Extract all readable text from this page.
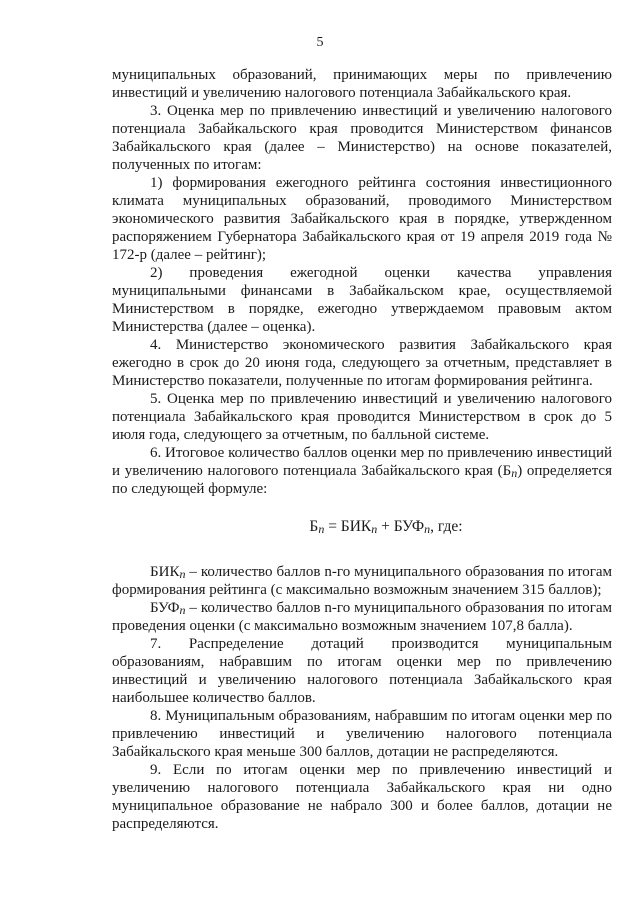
5

муниципальных образований, принимающих меры по привлечению инвестиций и увеличению налогового потенциала Забайкальского края.

3. Оценка мер по привлечению инвестиций и увеличению налогового потенциала Забайкальского края проводится Министерством финансов Забайкальского края (далее – Министерство) на основе показателей, полученных по итогам:

1) формирования ежегодного рейтинга состояния инвестиционного климата муниципальных образований, проводимого Министерством экономического развития Забайкальского края в порядке, утвержденном распоряжением Губернатора Забайкальского края от 19 апреля 2019 года № 172-р (далее – рейтинг);

2) проведения ежегодной оценки качества управления муниципальными финансами в Забайкальском крае, осуществляемой Министерством в порядке, ежегодно утверждаемом правовым актом Министерства (далее – оценка).

4. Министерство экономического развития Забайкальского края ежегодно в срок до 20 июня года, следующего за отчетным, представляет в Министерство показатели, полученные по итогам формирования рейтинга.

5. Оценка мер по привлечению инвестиций и увеличению налогового потенциала Забайкальского края проводится Министерством в срок до 5 июля года, следующего за отчетным, по балльной системе.

6. Итоговое количество баллов оценки мер по привлечению инвестиций и увеличению налогового потенциала Забайкальского края (Бn) определяется по следующей формуле:

Бn = БИКn + БУФn, где:

БИКn – количество баллов n-го муниципального образования по итогам формирования рейтинга (с максимально возможным значением 315 баллов);

БУФn – количество баллов n-го муниципального образования по итогам проведения оценки (с максимально возможным значением 107,8 балла).

7. Распределение дотаций производится муниципальным образованиям, набравшим по итогам оценки мер по привлечению инвестиций и увеличению налогового потенциала Забайкальского края наибольшее количество баллов.

8. Муниципальным образованиям, набравшим по итогам оценки мер по привлечению инвестиций и увеличению налогового потенциала Забайкальского края меньше 300 баллов, дотации не распределяются.

9. Если по итогам оценки мер по привлечению инвестиций и увеличению налогового потенциала Забайкальского края ни одно муниципальное образование не набрало 300 и более баллов, дотации не распределяются.
